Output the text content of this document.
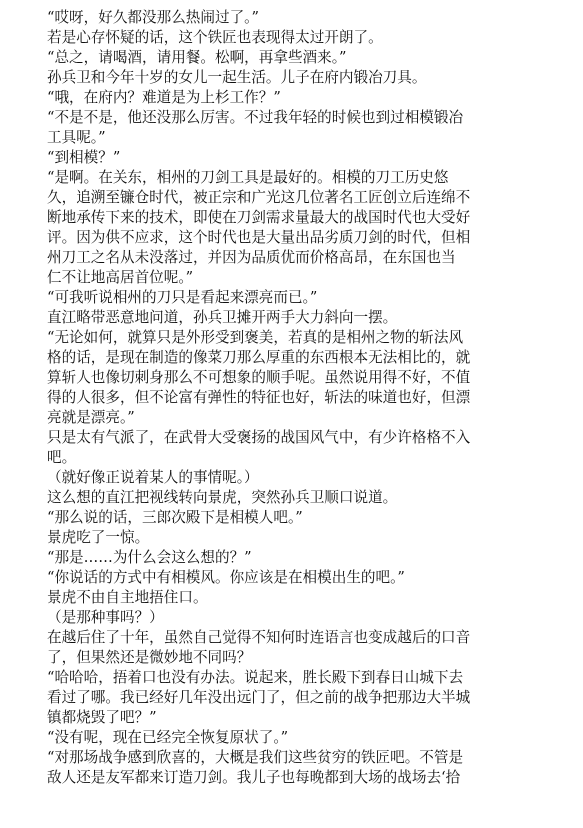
“哎呀，好久都没那么热闹过了。”
若是心存怀疑的话，这个铁匠也表现得太过开朗了。
“总之，请喝酒，请用餐。松啊，再拿些酒来。”
孙兵卫和今年十岁的女儿一起生活。儿子在府内锻冶刀具。
“哦，在府内？难道是为上杉工作？”
“不是不是，他还没那么厉害。不过我年轻的时候也到过相模锻冶
工具呢。”
“到相模？”
“是啊。在关东，相州的刀剑工具是最好的。相模的刀工历史悠
久，追溯至镰仓时代，被正宗和广光这几位著名工匠创立后连绵不
断地承传下来的技术，即使在刀剑需求量最大的战国时代也大受好
评。因为供不应求，这个时代也是大量出品劣质刀剑的时代，但相
州刀工之名从未没落过，并因为品质优而价格高昂，在东国也当
仁不让地高居首位呢。”
“可我听说相州的刀只是看起来漂亮而已。”
直江略带恶意地问道，孙兵卫摊开两手大力斜向一摆。
“无论如何，就算只是外形受到褒美，若真的是相州之物的斩法风
格的话，是现在制造的像菜刀那么厚重的东西根本无法相比的，就
算斩人也像切刺身那么不可想象的顺手呢。虽然说用得不好，不值
得的人很多，但不论富有弹性的特征也好，斩法的味道也好，但漂
亮就是漂亮。”
只是太有气派了，在武骨大受褒扬的战国风气中，有少许格格不入
吧。
（就好像正说着某人的事情呢。）
这么想的直江把视线转向景虎，突然孙兵卫顺口说道。
“那么说的话，三郎次殿下是相模人吧。”
景虎吃了一惊。
“那是……为什么会这么想的？”
“你说话的方式中有相模风。你应该是在相模出生的吧。”
景虎不由自主地捂住口。
（是那种事吗？）
在越后住了十年，虽然自己觉得不知何时连语言也变成越后的口音
了，但果然还是微妙地不同吗？
“哈哈哈，捂着口也没有办法。说起来，胜长殿下到春日山城下去
看过了哪。我已经好几年没出远门了，但之前的战争把那边大半城
镇都烧毁了吧？”
“没有呢，现在已经完全恢复原状了。”
“对那场战争感到欣喜的，大概是我们这些贫穷的铁匠吧。不管是
敌人还是友军都来订造刀剑。我儿子也每晚都到大场的战场去‘拾
